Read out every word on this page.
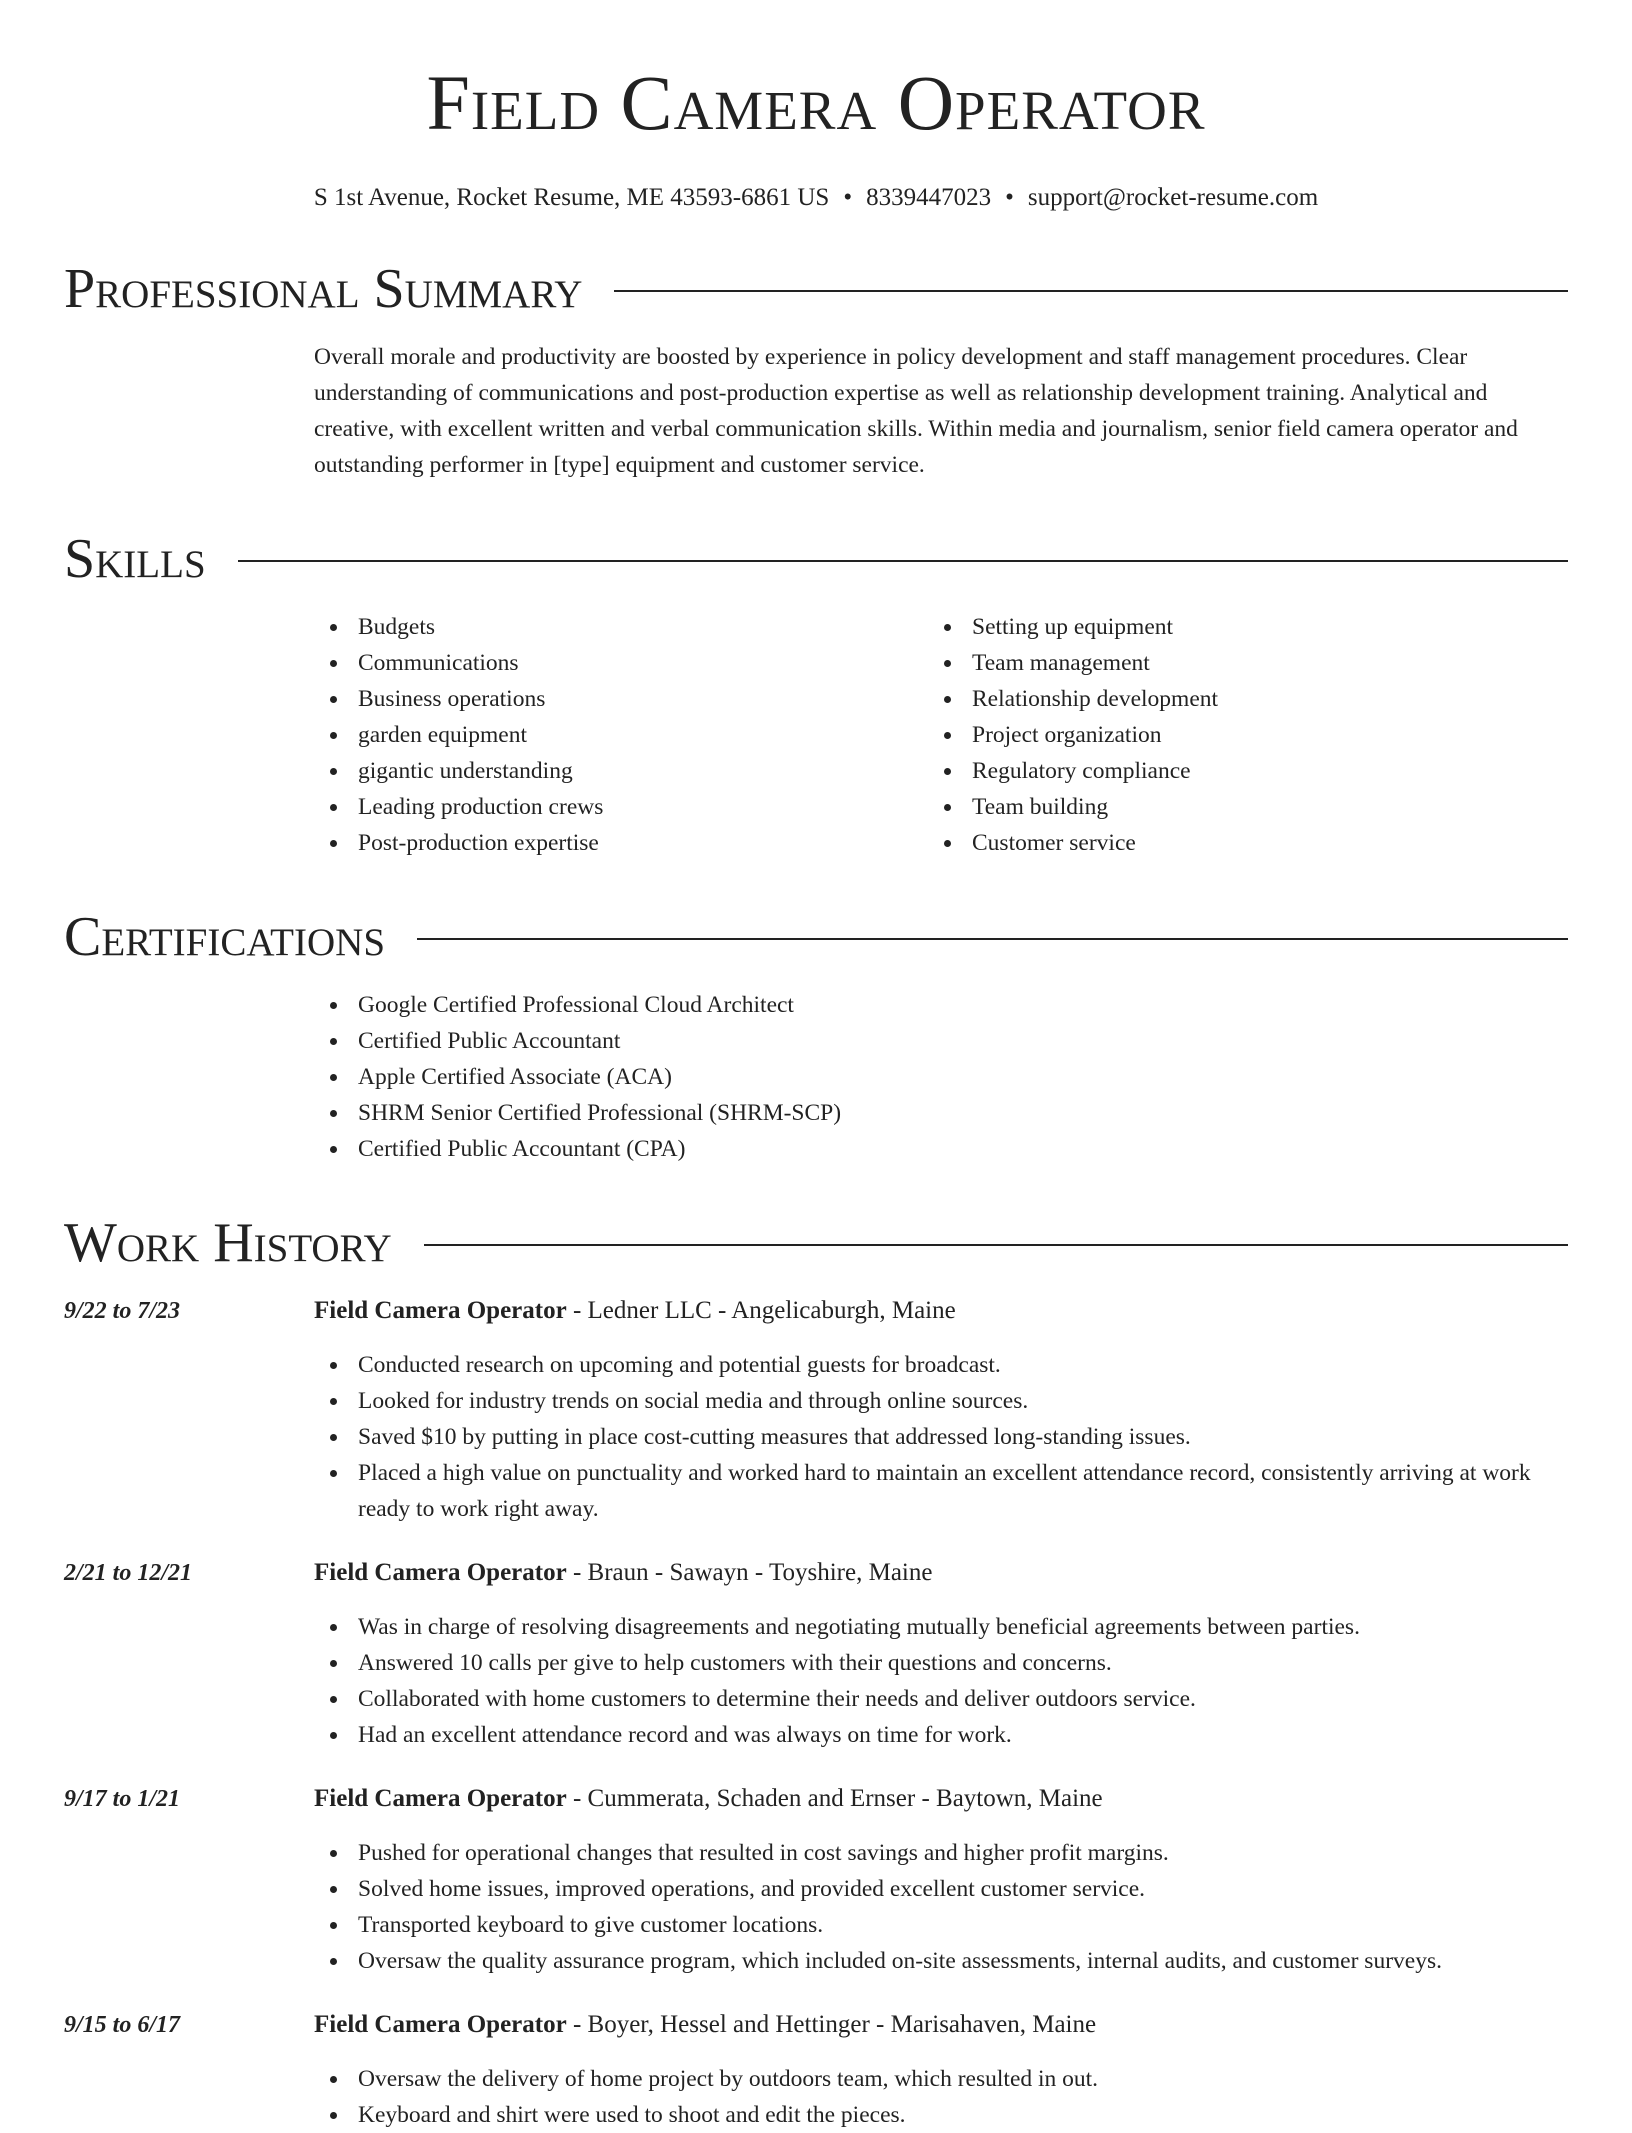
Field Camera Operator
S 1st Avenue, Rocket Resume, ME 43593-6861 US • 8339447023 • support@rocket-resume.com
Professional Summary
Overall morale and productivity are boosted by experience in policy development and staff management procedures. Clear understanding of communications and post-production expertise as well as relationship development training. Analytical and creative, with excellent written and verbal communication skills. Within media and journalism, senior field camera operator and outstanding performer in [type] equipment and customer service.
Skills
Budgets
Communications
Business operations
garden equipment
gigantic understanding
Leading production crews
Post-production expertise
Setting up equipment
Team management
Relationship development
Project organization
Regulatory compliance
Team building
Customer service
Certifications
Google Certified Professional Cloud Architect
Certified Public Accountant
Apple Certified Associate (ACA)
SHRM Senior Certified Professional (SHRM-SCP)
Certified Public Accountant (CPA)
Work History
9/22 to 7/23	Field Camera Operator - Ledner LLC - Angelicaburgh, Maine
Conducted research on upcoming and potential guests for broadcast.
Looked for industry trends on social media and through online sources.
Saved $10 by putting in place cost-cutting measures that addressed long-standing issues.
Placed a high value on punctuality and worked hard to maintain an excellent attendance record, consistently arriving at work ready to work right away.
2/21 to 12/21	Field Camera Operator - Braun - Sawayn - Toyshire, Maine
Was in charge of resolving disagreements and negotiating mutually beneficial agreements between parties.
Answered 10 calls per give to help customers with their questions and concerns.
Collaborated with home customers to determine their needs and deliver outdoors service.
Had an excellent attendance record and was always on time for work.
9/17 to 1/21	Field Camera Operator - Cummerata, Schaden and Ernser - Baytown, Maine
Pushed for operational changes that resulted in cost savings and higher profit margins.
Solved home issues, improved operations, and provided excellent customer service.
Transported keyboard to give customer locations.
Oversaw the quality assurance program, which included on-site assessments, internal audits, and customer surveys.
9/15 to 6/17	Field Camera Operator - Boyer, Hessel and Hettinger - Marisahaven, Maine
Oversaw the delivery of home project by outdoors team, which resulted in out.
Keyboard and shirt were used to shoot and edit the pieces.
